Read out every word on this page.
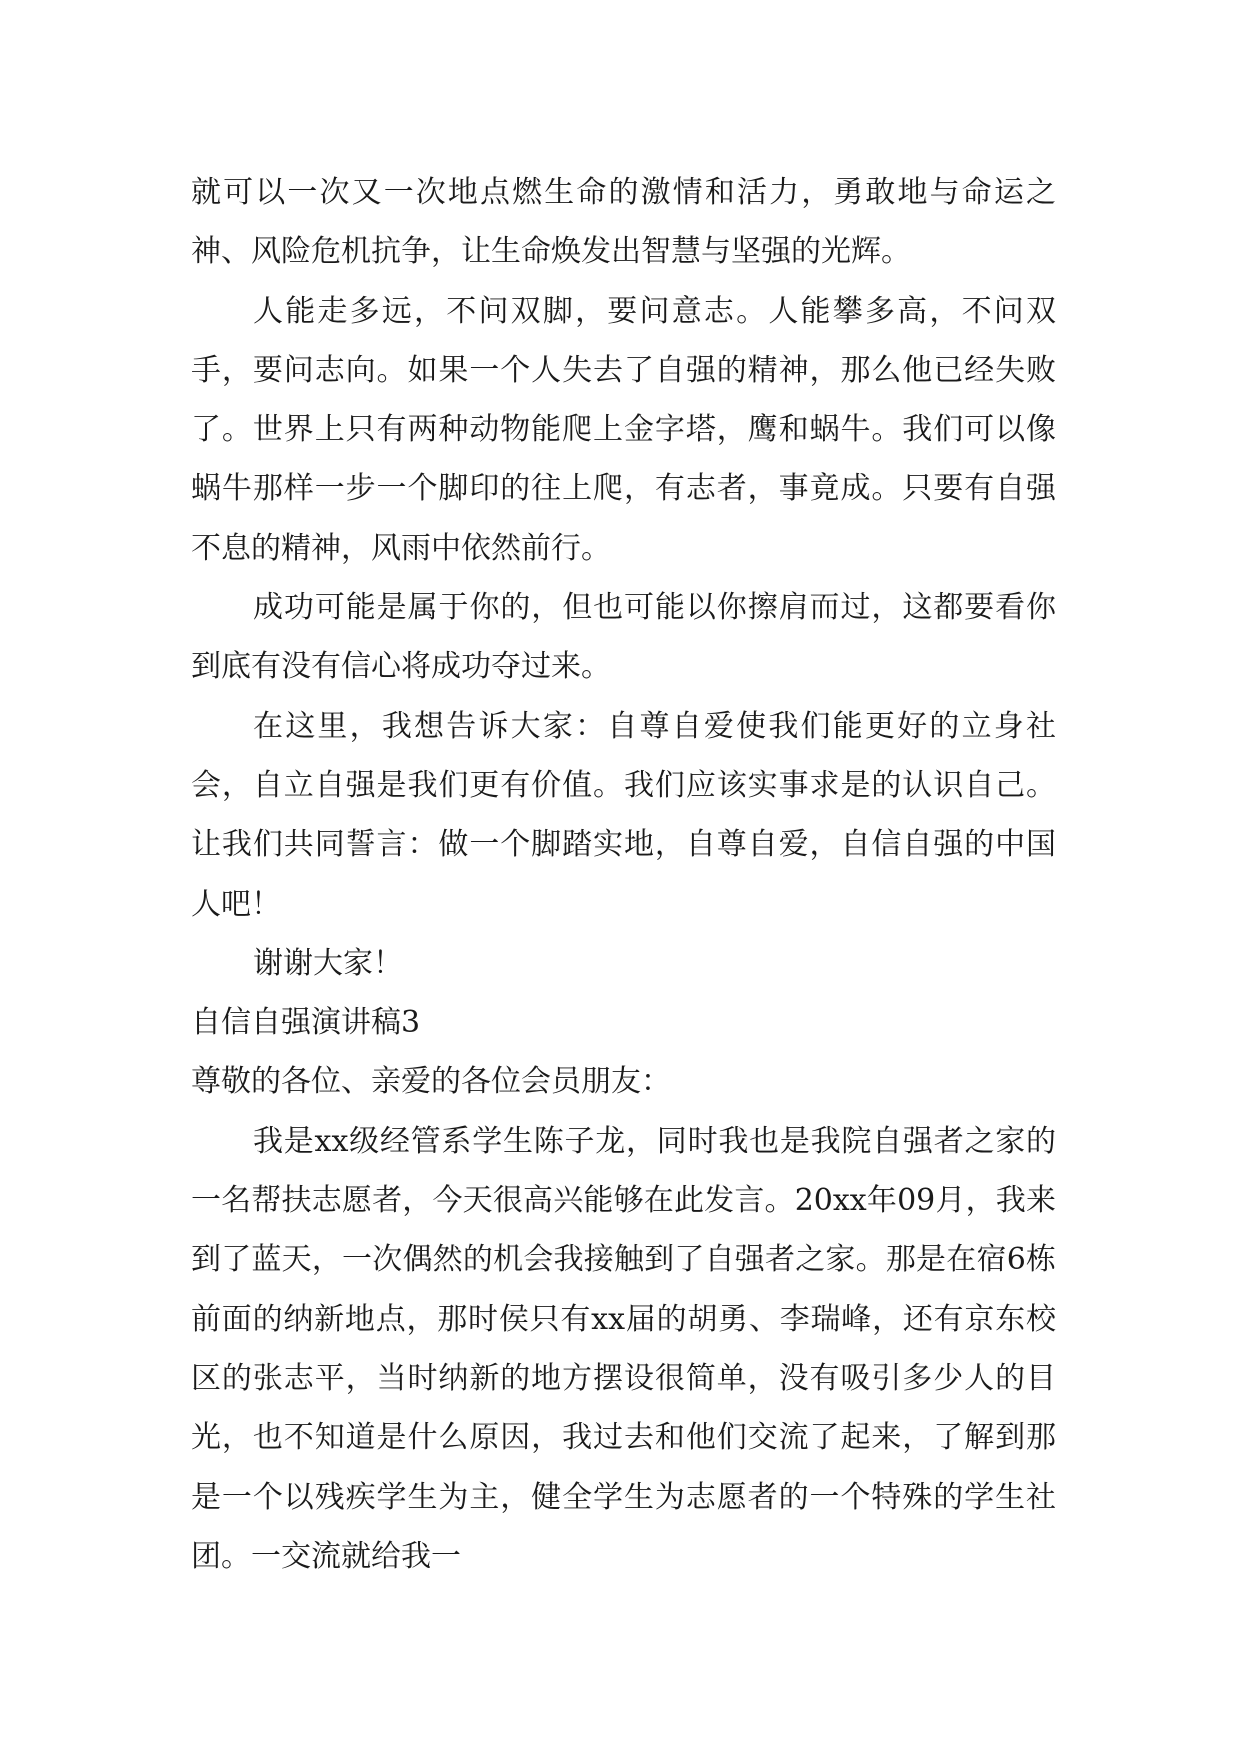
就可以一次又一次地点燃生命的激情和活力，勇敢地与命运之神、风险危机抗争，让生命焕发出智慧与坚强的光辉。

人能走多远，不问双脚，要问意志。人能攀多高，不问双手，要问志向。如果一个人失去了自强的精神，那么他已经失败了。世界上只有两种动物能爬上金字塔，鹰和蜗牛。我们可以像蜗牛那样一步一个脚印的往上爬，有志者，事竟成。只要有自强不息的精神，风雨中依然前行。

成功可能是属于你的，但也可能以你擦肩而过，这都要看你到底有没有信心将成功夺过来。

在这里，我想告诉大家：自尊自爱使我们能更好的立身社会，自立自强是我们更有价值。我们应该实事求是的认识自己。让我们共同誓言：做一个脚踏实地，自尊自爱，自信自强的中国人吧！

谢谢大家！

自信自强演讲稿3

尊敬的各位、亲爱的各位会员朋友：

我是xx级经管系学生陈子龙，同时我也是我院自强者之家的一名帮扶志愿者，今天很高兴能够在此发言。20xx年09月，我来到了蓝天，一次偶然的机会我接触到了自强者之家。那是在宿6栋前面的纳新地点，那时侯只有xx届的胡勇、李瑞峰，还有京东校区的张志平，当时纳新的地方摆设很简单，没有吸引多少人的目光，也不知道是什么原因，我过去和他们交流了起来，了解到那是一个以残疾学生为主，健全学生为志愿者的一个特殊的学生社团。一交流就给我一
